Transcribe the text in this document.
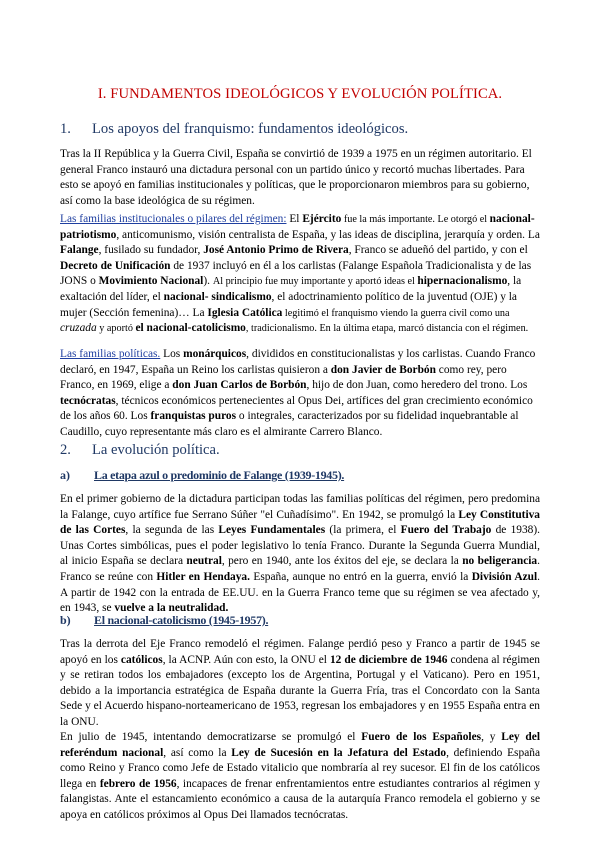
I. FUNDAMENTOS IDEOLÓGICOS Y EVOLUCIÓN POLÍTICA.
1. Los apoyos del franquismo: fundamentos ideológicos.

Tras la II República y la Guerra Civil, España se convirtió de 1939 a 1975 en un régimen autoritario. El general Franco instauró una dictadura personal con un partido único y recortó muchas libertades. Para esto se apoyó en familias institucionales y políticas, que le proporcionaron miembros para su gobierno, así como la base ideológica de su régimen.

Las familias institucionales o pilares del régimen: El Ejército fue la más importante. Le otorgó el nacional-patriotismo, anticomunismo, visión centralista de España, y las ideas de disciplina, jerarquía y orden. La Falange, fusilado su fundador, José Antonio Primo de Rivera, Franco se adueñó del partido, y con el Decreto de Unificación de 1937 incluyó en él a los carlistas (Falange Española Tradicionalista y de las JONS o Movimiento Nacional). Al principio fue muy importante y aportó ideas el hipernacionalismo, la exaltación del líder, el nacional- sindicalismo, el adoctrinamiento político de la juventud (OJE) y la mujer (Sección femenina)… La Iglesia Católica legitimó el franquismo viendo la guerra civil como una cruzada y aportó el nacional-catolicismo, tradicionalismo. En la última etapa, marcó distancia con el régimen.

Las familias políticas. Los monárquicos, divididos en constitucionalistas y los carlistas. Cuando Franco declaró, en 1947, España un Reino los carlistas quisieron a don Javier de Borbón como rey, pero Franco, en 1969, elige a don Juan Carlos de Borbón, hijo de don Juan, como heredero del trono. Los tecnócratas, técnicos económicos pertenecientes al Opus Dei, artífices del gran crecimiento económico de los años 60. Los franquistas puros o integrales, caracterizados por su fidelidad inquebrantable al Caudillo, cuyo representante más claro es el almirante Carrero Blanco.

2. La evolución política.
a) La etapa azul o predominio de Falange (1939-1945).

En el primer gobierno de la dictadura participan todas las familias políticas del régimen, pero predomina la Falange, cuyo artífice fue Serrano Súñer "el Cuñadísimo". En 1942, se promulgó la Ley Constitutiva de las Cortes, la segunda de las Leyes Fundamentales (la primera, el Fuero del Trabajo de 1938). Unas Cortes simbólicas, pues el poder legislativo lo tenía Franco. Durante la Segunda Guerra Mundial, al inicio España se declara neutral, pero en 1940, ante los éxitos del eje, se declara la no beligerancia. Franco se reúne con Hitler en Hendaya. España, aunque no entró en la guerra, envió la División Azul. A partir de 1942 con la entrada de EE.UU. en la Guerra Franco teme que su régimen se vea afectado y, en 1943, se vuelve a la neutralidad.

b) El nacional-catolicismo (1945-1957).

Tras la derrota del Eje Franco remodeló el régimen. Falange perdió peso y Franco a partir de 1945 se apoyó en los católicos, la ACNP. Aún con esto, la ONU el 12 de diciembre de 1946 condena al régimen y se retiran todos los embajadores (excepto los de Argentina, Portugal y el Vaticano). Pero en 1951, debido a la importancia estratégica de España durante la Guerra Fría, tras el Concordato con la Santa Sede y el Acuerdo hispano-norteamericano de 1953, regresan los embajadores y en 1955 España entra en la ONU.

En julio de 1945, intentando democratizarse se promulgó el Fuero de los Españoles, y Ley del referéndum nacional, así como la Ley de Sucesión en la Jefatura del Estado, definiendo España como Reino y Franco como Jefe de Estado vitalicio que nombraría al rey sucesor. El fin de los católicos llega en febrero de 1956, incapaces de frenar enfrentamientos entre estudiantes contrarios al régimen y falangistas. Ante el estancamiento económico a causa de la autarquía Franco remodela el gobierno y se apoya en católicos próximos al Opus Dei llamados tecnócratas.
